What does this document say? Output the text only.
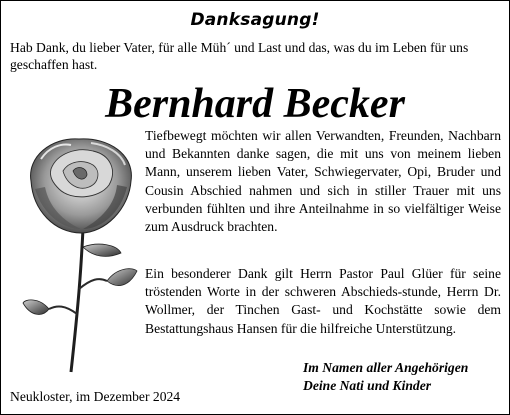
Danksagung!
Hab Dank, du lieber Vater, für alle Müh´ und Last und das, was du im Leben für uns geschaffen hast.
Bernhard Becker
Tiefbewegt möchten wir allen Verwandten, Freunden, Nachbarn und Bekannten danke sagen, die mit uns von meinem lieben Mann, unserem lieben Vater, Schwiegervater, Opi, Bruder und Cousin Abschied nahmen und sich in stiller Trauer mit uns verbunden fühlten und ihre Anteilnahme in so vielfältiger Weise zum Ausdruck brachten.
Ein besonderer Dank gilt Herrn Pastor Paul Glüer für seine tröstenden Worte in der schweren Abschieds-stunde, Herrn Dr. Wollmer, der Tinchen Gast- und Kochstätte sowie dem Bestattungshaus Hansen für die hilfreiche Unterstützung.
Im Namen aller Angehörigen
Deine Nati und Kinder
Neukloster, im Dezember 2024
